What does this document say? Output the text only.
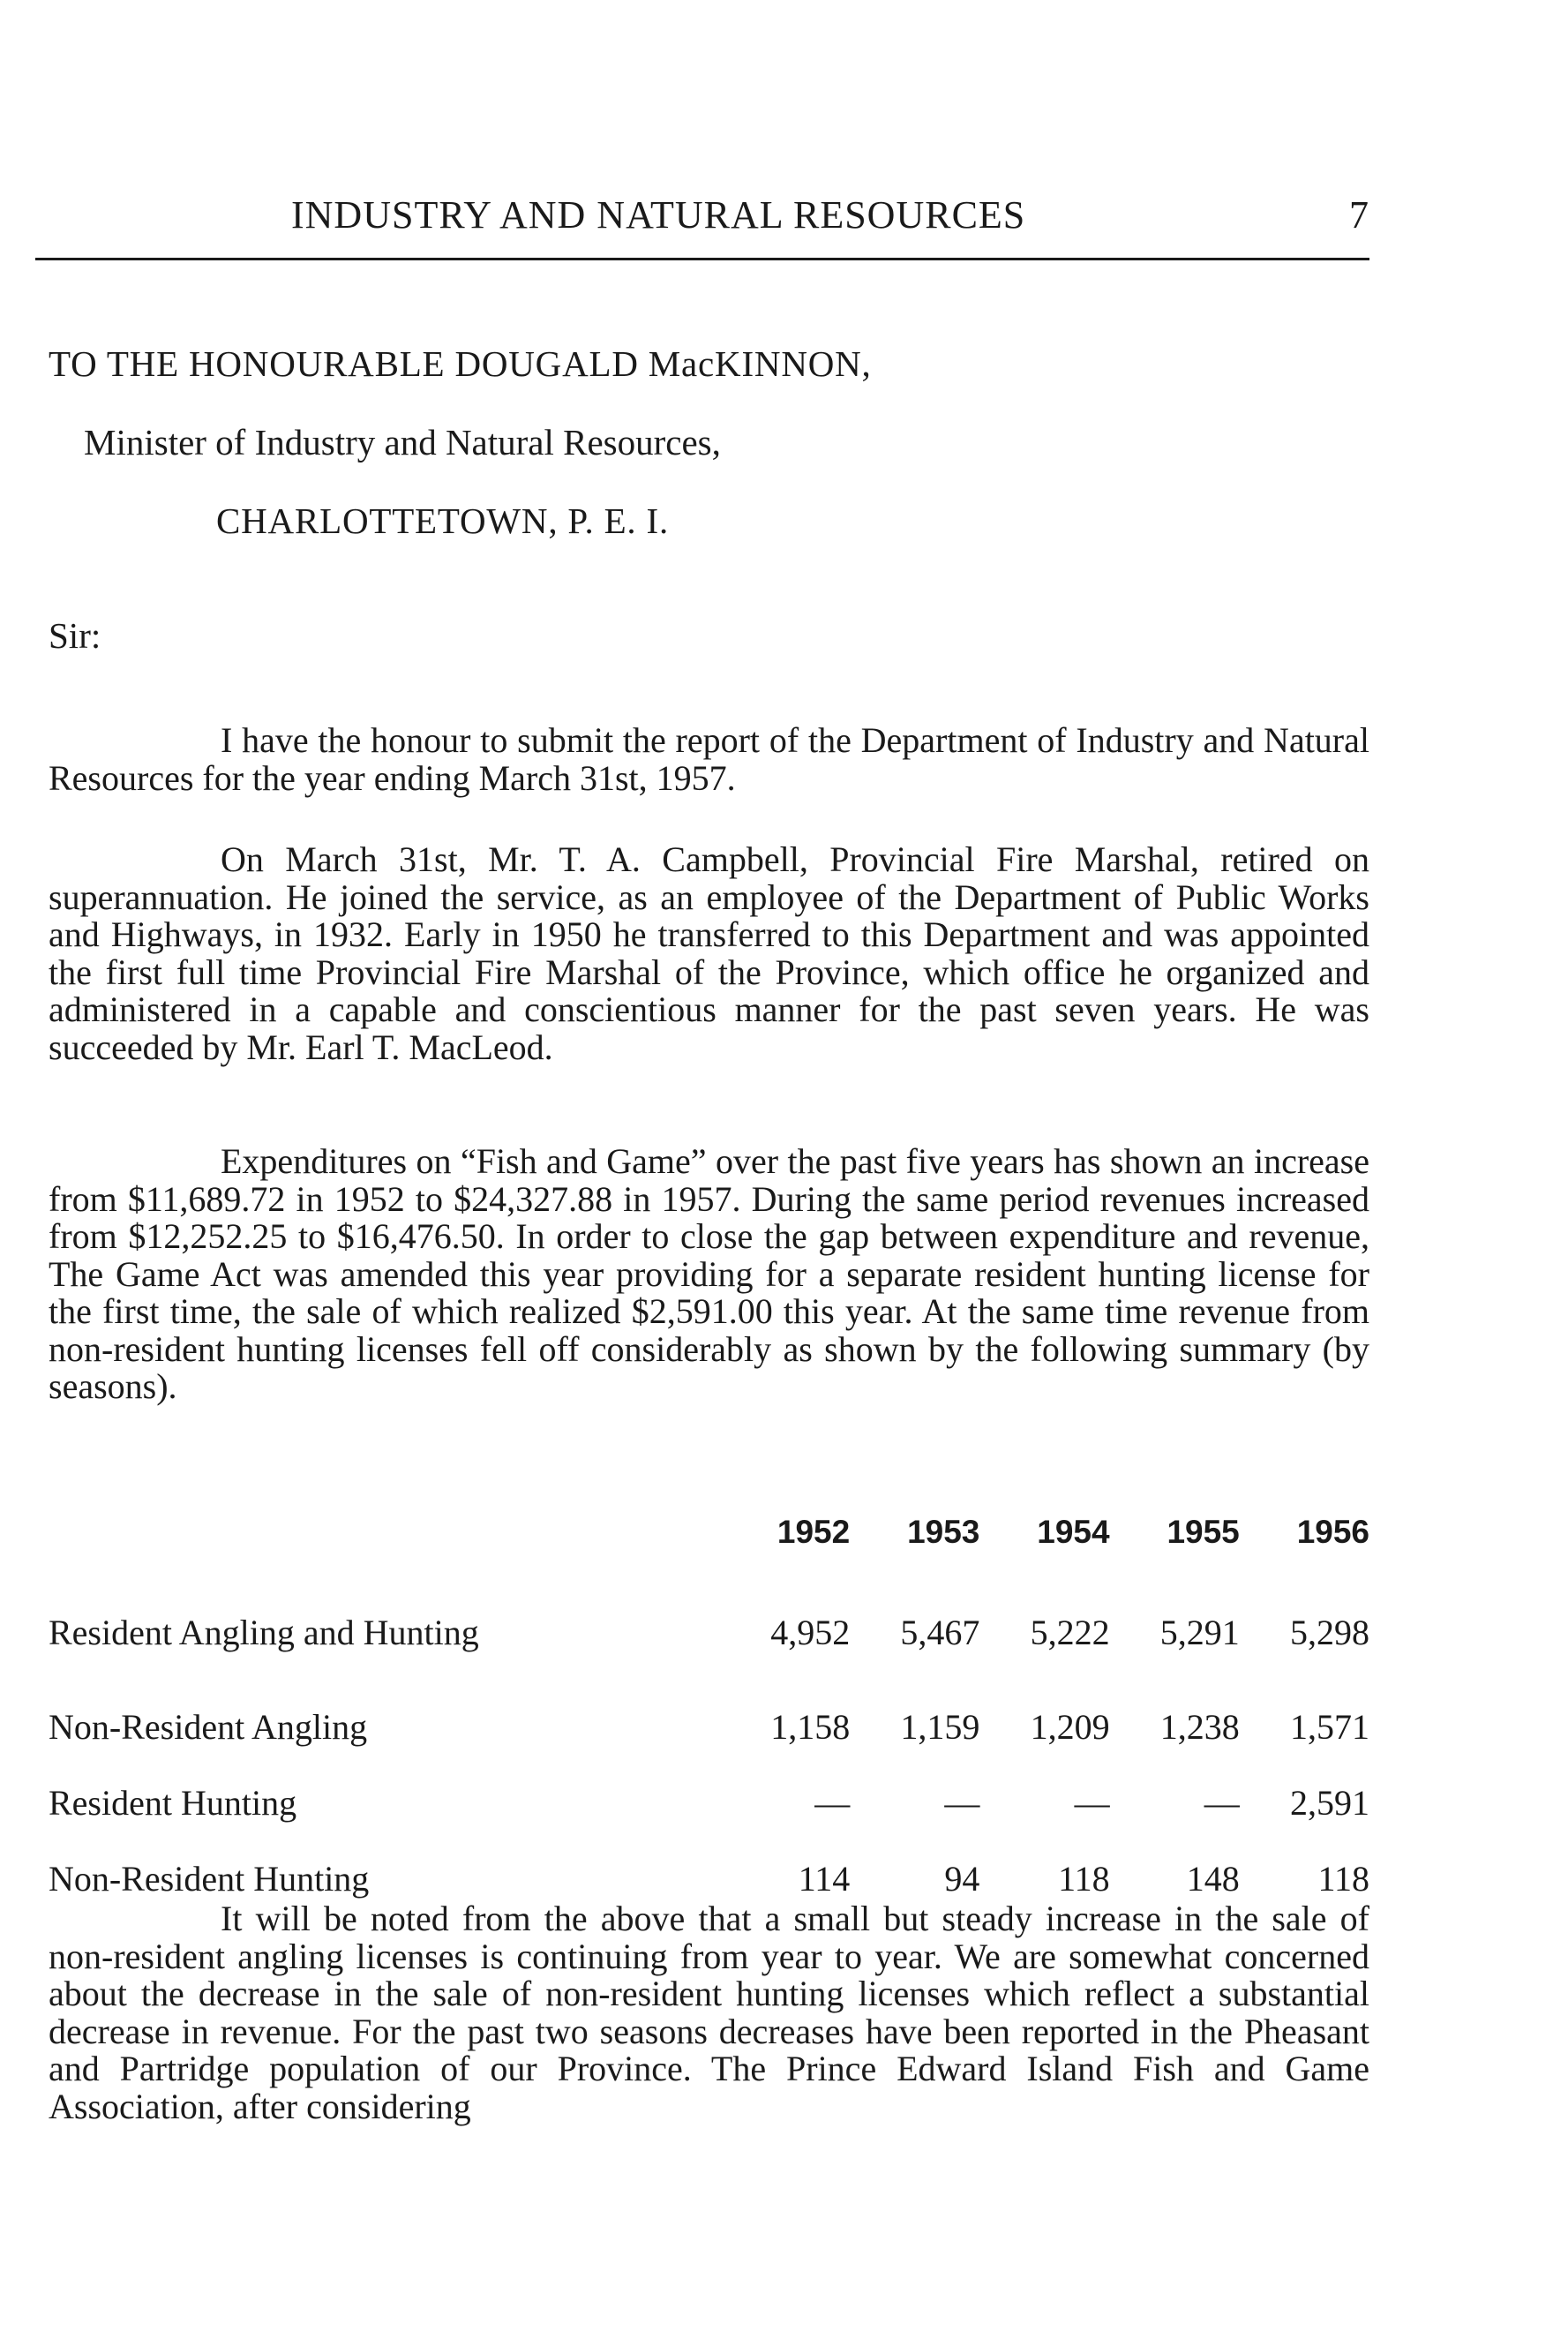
INDUSTRY AND NATURAL RESOURCES	7
TO THE HONOURABLE DOUGALD MacKINNON,
Minister of Industry and Natural Resources,
CHARLOTTETOWN, P. E. I.
Sir:

I have the honour to submit the report of the Department of Industry and Natural Resources for the year ending March 31st, 1957.

On March 31st, Mr. T. A. Campbell, Provincial Fire Marshal, retired on superannuation. He joined the service, as an employee of the Department of Public Works and Highways, in 1932. Early in 1950 he transferred to this Department and was appointed the first full time Provincial Fire Marshal of the Province, which office he organized and administered in a capable and conscientious manner for the past seven years. He was succeeded by Mr. Earl T. MacLeod.

Expenditures on “Fish and Game” over the past five years has shown an increase from $11,689.72 in 1952 to $24,327.88 in 1957. During the same period revenues increased from $12,252.25 to $16,476.50. In order to close the gap between expenditure and revenue, The Game Act was amended this year providing for a separate resident hunting license for the first time, the sale of which realized $2,591.00 this year. At the same time revenue from non-resident hunting licenses fell off considerably as shown by the following summary (by seasons).

	1952	1953	1954	1955	1956
Resident Angling and Hunting	4,952	5,467	5,222	5,291	5,298
Non-Resident Angling	1,158	1,159	1,209	1,238	1,571
Resident Hunting	—	—	—	—	2,591
Non-Resident Hunting	114	94	118	148	118

It will be noted from the above that a small but steady increase in the sale of non-resident angling licenses is continuing from year to year. We are somewhat concerned about the decrease in the sale of non-resident hunting licenses which reflect a substantial decrease in revenue. For the past two seasons decreases have been reported in the Pheasant and Partridge population of our Province. The Prince Edward Island Fish and Game Association, after considering
